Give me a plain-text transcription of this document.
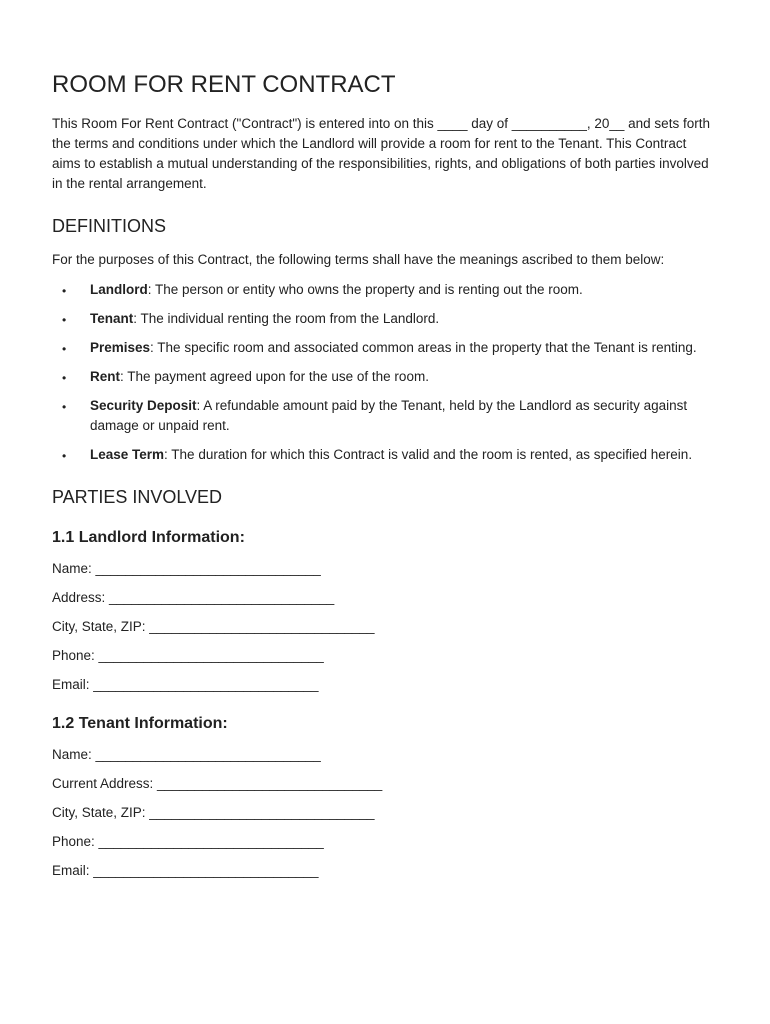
ROOM FOR RENT CONTRACT

This Room For Rent Contract ("Contract") is entered into on this ____ day of __________, 20__ and sets forth the terms and conditions under which the Landlord will provide a room for rent to the Tenant. This Contract aims to establish a mutual understanding of the responsibilities, rights, and obligations of both parties involved in the rental arrangement.

DEFINITIONS

For the purposes of this Contract, the following terms shall have the meanings ascribed to them below:

• Landlord: The person or entity who owns the property and is renting out the room.
• Tenant: The individual renting the room from the Landlord.
• Premises: The specific room and associated common areas in the property that the Tenant is renting.
• Rent: The payment agreed upon for the use of the room.
• Security Deposit: A refundable amount paid by the Tenant, held by the Landlord as security against damage or unpaid rent.
• Lease Term: The duration for which this Contract is valid and the room is rented, as specified herein.
PARTIES INVOLVED
1.1 Landlord Information:

Name: ______________________________

Address: ______________________________

City, State, ZIP: ______________________________

Phone: ______________________________

Email: ______________________________

1.2 Tenant Information:

Name: ______________________________

Current Address: ______________________________

City, State, ZIP: ______________________________

Phone: ______________________________

Email: ______________________________
